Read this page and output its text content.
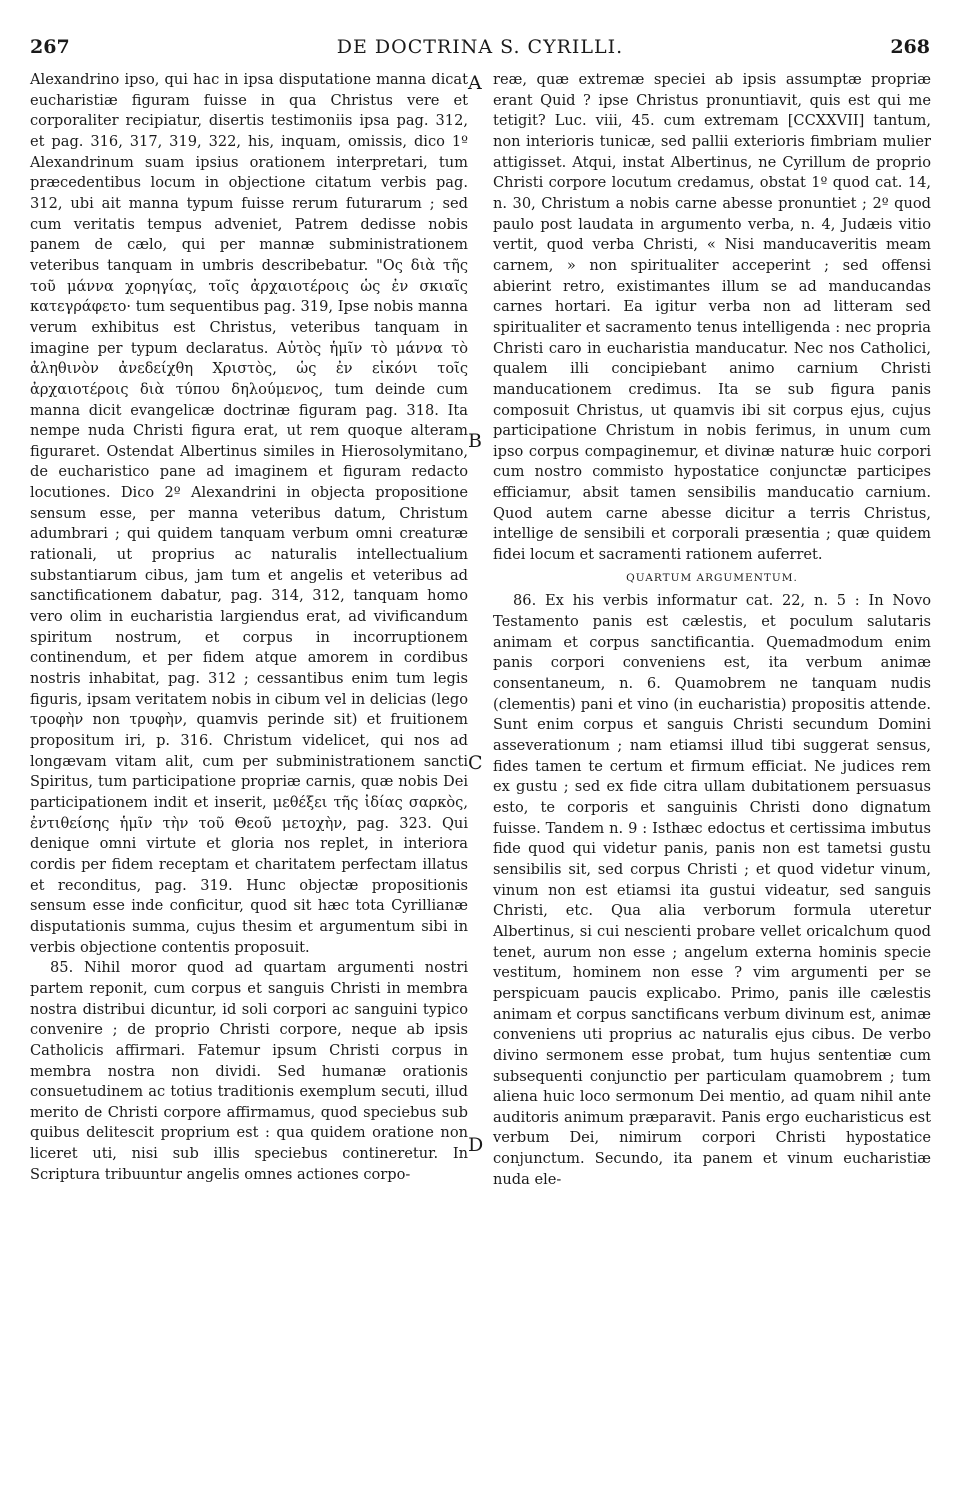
267	DE DOCTRINA S. CYRILLI.	268

Alexandrino ipso, qui hac in ipsa disputatione manna dicat eucharistiæ figuram fuisse in qua Christus vere et corporaliter recipiatur, disertis testimoniis ipsa pag. 312, et pag. 316, 317, 319, 322, his, inquam, omissis, dico 1º Alexandrinum suam ipsius orationem interpretari, tum præcedentibus locum in objectione citatum verbis pag. 312, ubi ait manna typum fuisse rerum futurarum ; sed cum veritatis tempus adveniet, Patrem dedisse nobis panem de cælo, qui per mannæ subministrationem veteribus tanquam in umbris describebatur. "Ος διὰ τῆς τοῦ μάννα χορηγίας, τοῖς ἀρχαιοτέροις ὡς ἐν σκιαῖς κατεγράφετο· tum sequentibus pag. 319, Ipse nobis manna verum exhibitus est Christus, veteribus tanquam in imagine per typum declaratus. Αὐτὸς ἡμῖν τὸ μάννα τὸ ἀληθινὸν ἀνεδείχθη Χριστὸς, ὡς ἐν εἰκόνι τοῖς ἀρχαιοτέροις διὰ τύπου δηλούμενος, tum deinde cum manna dicit evangelicæ doctrinæ figuram pag. 318. Ita nempe nuda Christi figura erat, ut rem quoque alteram figuraret. Ostendat Albertinus similes in Hierosolymitano, de eucharistico pane ad imaginem et figuram redacto locutiones. Dico 2º Alexandrini in objecta propositione sensum esse, per manna veteribus datum, Christum adumbrari ; qui quidem tanquam verbum omni creaturæ rationali, ut proprius ac naturalis intellectualium substantiarum cibus, jam tum et angelis et veteribus ad sanctificationem dabatur, pag. 314, 312, tanquam homo vero olim in eucharistia largiendus erat, ad vivificandum spiritum nostrum, et corpus in incorruptionem continendum, et per fidem atque amorem in cordibus nostris inhabitat, pag. 312 ; cessantibus enim tum legis figuris, ipsam veritatem nobis in cibum vel in delicias (lego τροφὴν non τρυφὴν, quamvis perinde sit) et fruitionem propositum iri, p. 316. Christum videlicet, qui nos ad longævam vitam alit, cum per subministrationem sancti Spiritus, tum participatione propriæ carnis, quæ nobis Dei participationem indit et inserit, μεθέξει τῆς ἰδίας σαρκὸς, ἐντιθείσης ἡμῖν τὴν τοῦ Θεοῦ μετοχὴν, pag. 323. Qui denique omni virtute et gloria nos replet, in interiora cordis per fidem receptam et charitatem perfectam illatus et reconditus, pag. 319. Hunc objectæ propositionis sensum esse inde conficitur, quod sit hæc tota Cyrillianæ disputationis summa, cujus thesim et argumentum sibi in verbis objectione contentis proposuit.

85. Nihil moror quod ad quartam argumenti nostri partem reponit, cum corpus et sanguis Christi in membra nostra distribui dicuntur, id soli corpori ac sanguini typico convenire ; de proprio Christi corpore, neque ab ipsis Catholicis affirmari. Fatemur ipsum Christi corpus in membra nostra non dividi. Sed humanæ orationis consuetudinem ac totius traditionis exemplum secuti, illud merito de Christi corpore affirmamus, quod speciebus sub quibus delitescit proprium est : qua quidem oratione non liceret uti, nisi sub illis speciebus contineretur. In Scriptura tribuuntur angelis omnes actiones corpo-

A
B
C
D

reæ, quæ extremæ speciei ab ipsis assumptæ propriæ erant Quid ? ipse Christus pronuntiavit, quis est qui me tetigit? Luc. viii, 45. cum extremam [CCXXVII] tantum, non interioris tunicæ, sed pallii exterioris fimbriam mulier attigisset. Atqui, instat Albertinus, ne Cyrillum de proprio Christi corpore locutum credamus, obstat 1º quod cat. 14, n. 30, Christum a nobis carne abesse pronuntiet ; 2º quod paulo post laudata in argumento verba, n. 4, Judæis vitio vertit, quod verba Christi, « Nisi manducaveritis meam carnem, » non spiritualiter acceperint ; sed offensi abierint retro, existimantes illum se ad manducandas carnes hortari. Ea igitur verba non ad litteram sed spiritualiter et sacramento tenus intelligenda : nec propria Christi caro in eucharistia manducatur. Nec nos Catholici, qualem illi concipiebant animo carnium Christi manducationem credimus. Ita se sub figura panis composuit Christus, ut quamvis ibi sit corpus ejus, cujus participatione Christum in nobis ferimus, in unum cum ipso corpus compaginemur, et divinæ naturæ huic corpori cum nostro commisto hypostatice conjunctæ participes efficiamur, absit tamen sensibilis manducatio carnium. Quod autem carne abesse dicitur a terris Christus, intellige de sensibili et corporali præsentia ; quæ quidem fidei locum et sacramenti rationem auferret.

QUARTUM ARGUMENTUM.

86. Ex his verbis informatur cat. 22, n. 5 : In Novo Testamento panis est cælestis, et poculum salutaris animam et corpus sanctificantia. Quemadmodum enim panis corpori conveniens est, ita verbum animæ consentaneum, n. 6. Quamobrem ne tanquam nudis (clementis) pani et vino (in eucharistia) propositis attende. Sunt enim corpus et sanguis Christi secundum Domini asseverationum ; nam etiamsi illud tibi suggerat sensus, fides tamen te certum et firmum efficiat. Ne judices rem ex gustu ; sed ex fide citra ullam dubitationem persuasus esto, te corporis et sanguinis Christi dono dignatum fuisse. Tandem n. 9 : Isthæc edoctus et certissima imbutus fide quod qui videtur panis, panis non est tametsi gustu sensibilis sit, sed corpus Christi ; et quod videtur vinum, vinum non est etiamsi ita gustui videatur, sed sanguis Christi, etc. Qua alia verborum formula uteretur Albertinus, si cui nescienti probare vellet oricalchum quod tenet, aurum non esse ; angelum externa hominis specie vestitum, hominem non esse ? vim argumenti per se perspicuam paucis explicabo. Primo, panis ille cælestis animam et corpus sanctificans verbum divinum est, animæ conveniens uti proprius ac naturalis ejus cibus. De verbo divino sermonem esse probat, tum hujus sententiæ cum subsequenti conjunctio per particulam quamobrem ; tum aliena huic loco sermonum Dei mentio, ad quam nihil ante auditoris animum præparavit. Panis ergo eucharisticus est verbum Dei, nimirum corpori Christi hypostatice conjunctum. Secundo, ita panem et vinum eucharistiæ nuda ele-
